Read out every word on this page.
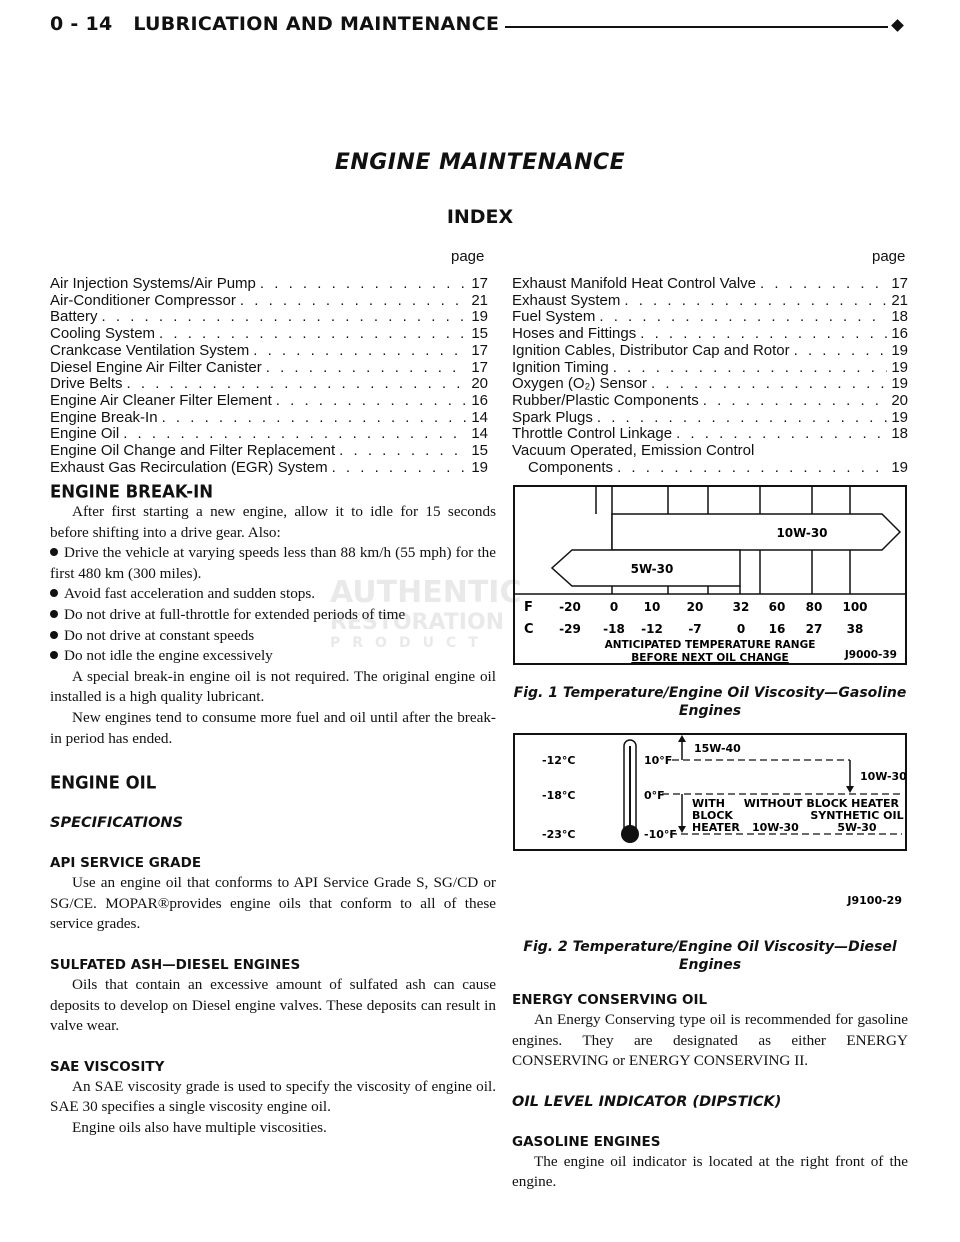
0 - 14   LUBRICATION AND MAINTENANCE
ENGINE MAINTENANCE
INDEX
page	page
Air Injection Systems/Air Pump . . .	17
Air-Conditioner Compressor . . .	21
Battery . . .	19
Cooling System . . .	15
Crankcase Ventilation System . . .	17
Diesel Engine Air Filter Canister . . .	17
Drive Belts . . .	20
Engine Air Cleaner Filter Element . . .	16
Engine Break-In . . .	14
Engine Oil . . .	14
Engine Oil Change and Filter Replacement . . .	15
Exhaust Gas Recirculation (EGR) System . . .	19
Exhaust Manifold Heat Control Valve . . .	17
Exhaust System . . .	21
Fuel System . . .	18
Hoses and Fittings . . .	16
Ignition Cables, Distributor Cap and Rotor . . .	19
Ignition Timing . . .	19
Oxygen (O₂) Sensor . . .	19
Rubber/Plastic Components . . .	20
Spark Plugs . . .	19
Throttle Control Linkage . . .	18
Vacuum Operated, Emission Control
Components . . .	19
ENGINE BREAK-IN

After first starting a new engine, allow it to idle for 15 seconds before shifting into a drive gear. Also:

Drive the vehicle at varying speeds less than 88 km/h (55 mph) for the first 480 km (300 miles).
Avoid fast acceleration and sudden stops.
Do not drive at full-throttle for extended periods of time
Do not drive at constant speeds
Do not idle the engine excessively

A special break-in engine oil is not required. The original engine oil installed is a high quality lubricant.

New engines tend to consume more fuel and oil until after the break-in period has ended.

ENGINE OIL
SPECIFICATIONS
API SERVICE GRADE

Use an engine oil that conforms to API Service Grade S, SG/CD or SG/CE. MOPAR®provides engine oils that conform to all of these service grades.

SULFATED ASH—DIESEL ENGINES

Oils that contain an excessive amount of sulfated ash can cause deposits to develop on Diesel engine valves. These deposits can result in valve wear.

SAE VISCOSITY

An SAE viscosity grade is used to specify the viscosity of engine oil. SAE 30 specifies a single viscosity engine oil.

Engine oils also have multiple viscosities.

AUTHENTIC
RESTORATION
PRODUCT
10W-30
5W-30
F
C
-20 0 10 20 32 60 80 100
-29 -18 -12 -7	0 16 27 38
ANTICIPATED TEMPERATURE RANGE
BEFORE NEXT OIL CHANGE	J9000-39
Fig. 1 Temperature/Engine Oil Viscosity—Gasoline
Engines
-12°C
-18°C
-23°C
10°F
0°F
-10°F
15W-40
10W-30
WITH
BLOCK
HEATER 10W-30
WITHOUT BLOCK HEATER
SYNTHETIC OIL
5W-30
J9100-29
Fig. 2 Temperature/Engine Oil Viscosity—Diesel
Engines
ENERGY CONSERVING OIL

An Energy Conserving type oil is recommended for gasoline engines. They are designated as either ENERGY CONSERVING or ENERGY CONSERVING II.

OIL LEVEL INDICATOR (DIPSTICK)
GASOLINE ENGINES

The engine oil indicator is located at the right front of the engine.
